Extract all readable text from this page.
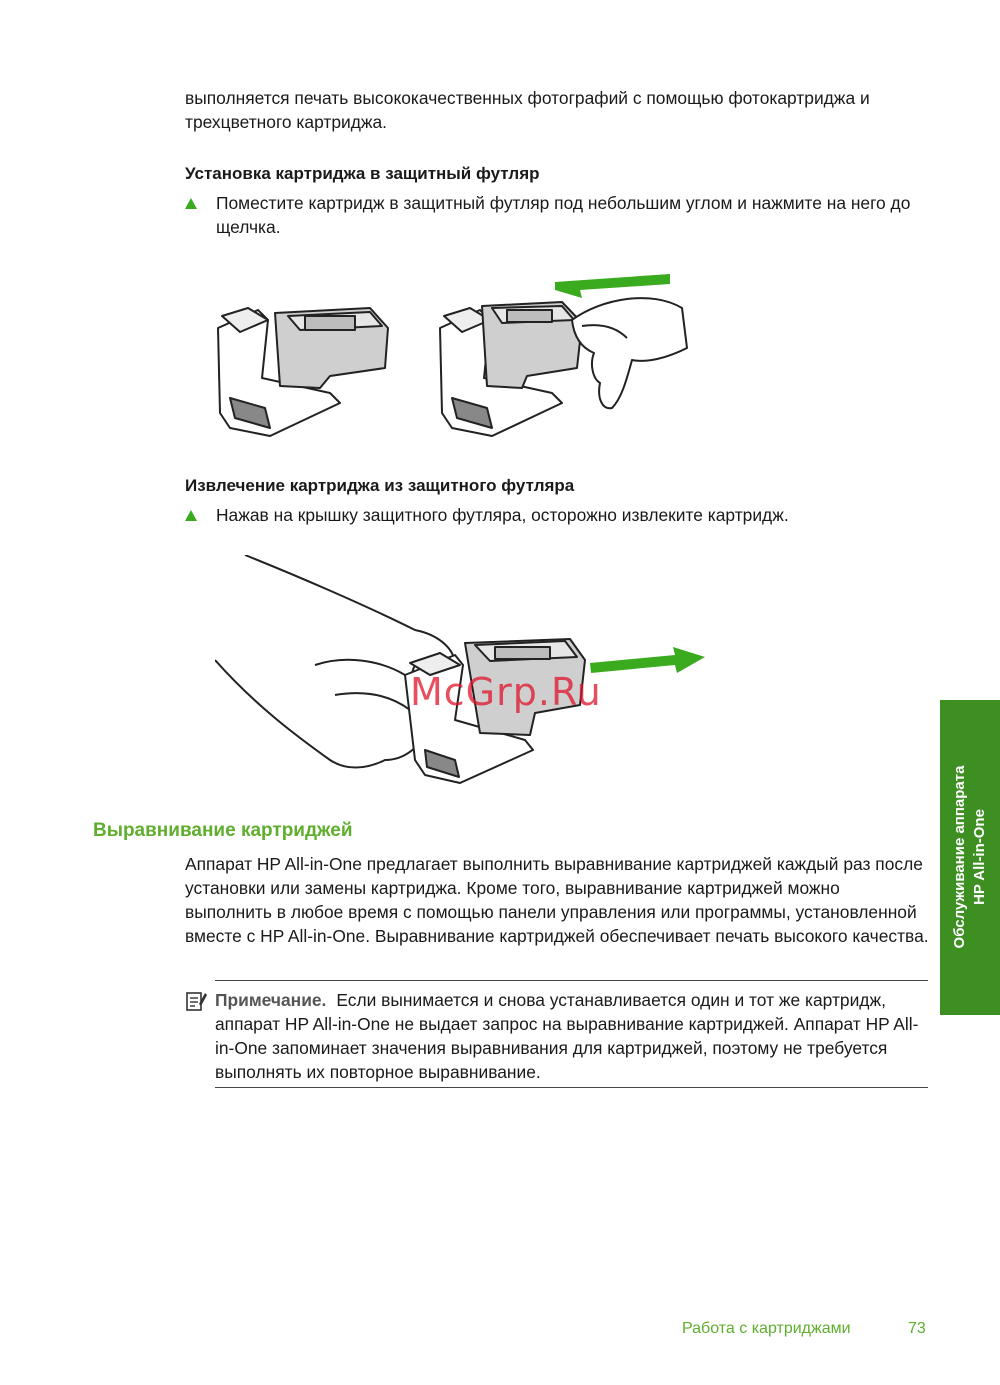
выполняется печать высококачественных фотографий с помощью фотокартриджа и трехцветного картриджа.

Установка картриджа в защитный футляр
Поместите картридж в защитный футляр под небольшим углом и нажмите на него до щелчка.
Извлечение картриджа из защитного футляра
Нажав на крышку защитного футляра, осторожно извлеките картридж.
McGrp.Ru
Выравнивание картриджей

Аппарат HP All-in-One предлагает выполнить выравнивание картриджей каждый раз после установки или замены картриджа. Кроме того, выравнивание картриджей можно выполнить в любое время с помощью панели управления или программы, установленной вместе с HP All-in-One. Выравнивание картриджей обеспечивает печать высокого качества.

Примечание. Если вынимается и снова устанавливается один и тот же картридж, аппарат HP All-in-One не выдает запрос на выравнивание картриджей. Аппарат HP All-in-One запоминает значения выравнивания для картриджей, поэтому не требуется выполнять их повторное выравнивание.

Обслуживание аппарата HP All-in-One
Работа с картриджами	73
